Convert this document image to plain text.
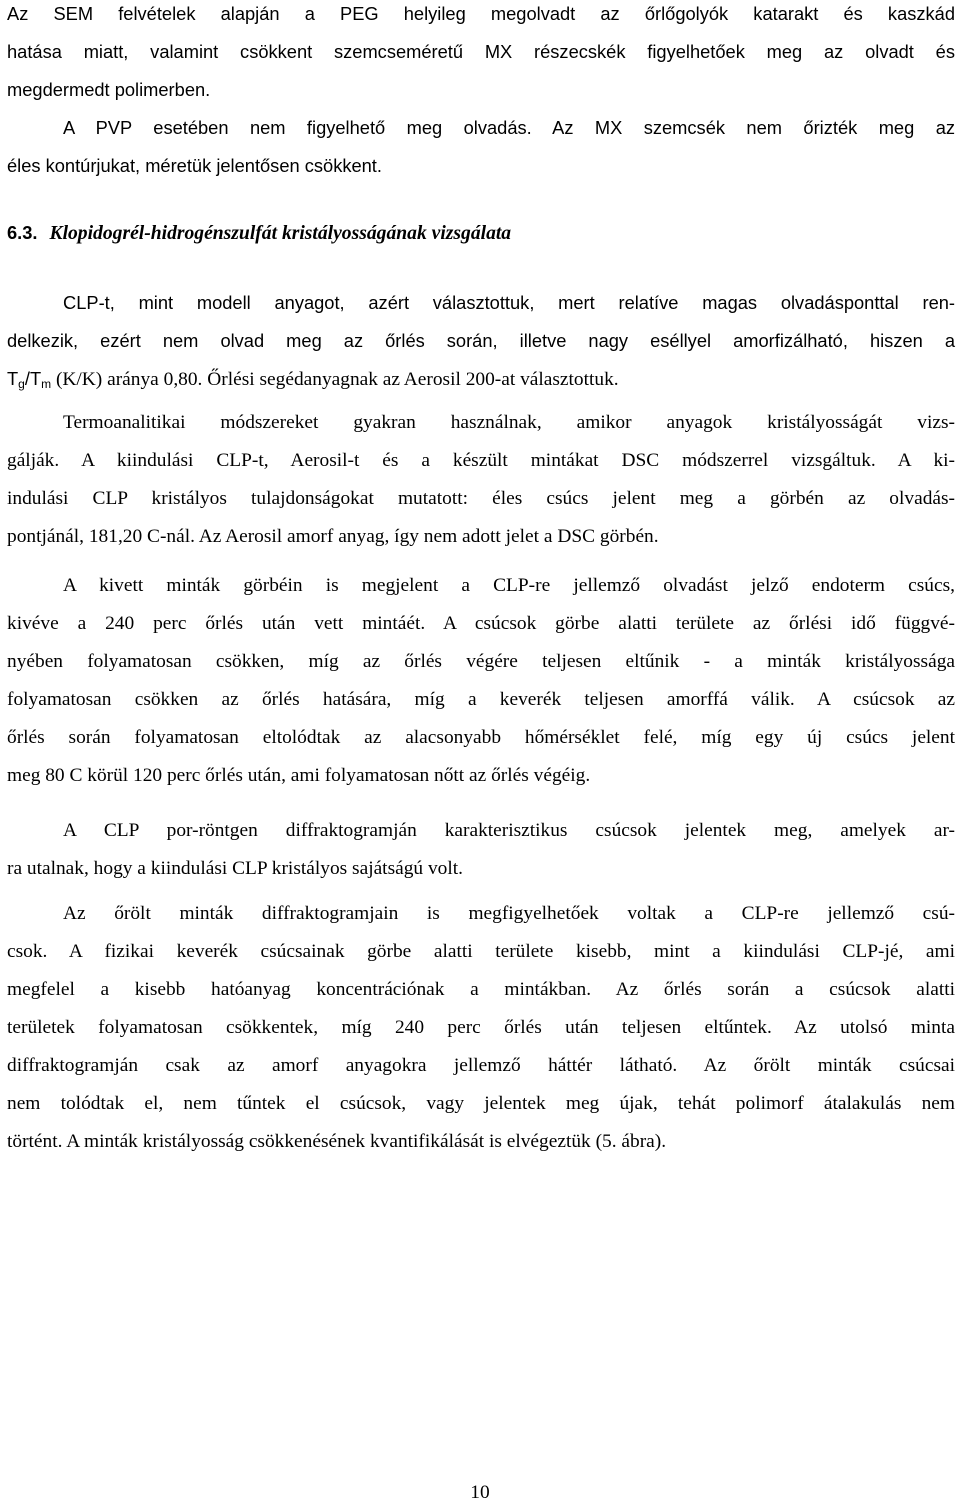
Az SEM felvételek alapján a PEG helyileg megolvadt az őrlőgolyók katarakt és kaszkád
hatása miatt, valamint csökkent szemcseméretű MX részecskék figyelhetőek meg az olvadt és
megdermedt polimerben.
A PVP esetében nem figyelhető meg olvadás. Az MX szemcsék nem őrizték meg az
éles kontúrjukat, méretük jelentősen csökkent.
6.3. Klopidogrél-hidrogénszulfát kristályosságának vizsgálata
CLP-t, mint modell anyagot, azért választottuk, mert relatíve magas olvadásponttal ren-
delkezik, ezért nem olvad meg az őrlés során, illetve nagy eséllyel amorfizálható, hiszen a
Tg/Tm (K/K) aránya 0,80. Őrlési segédanyagnak az Aerosil 200-at választottuk.
Termoanalitikai módszereket gyakran használnak, amikor anyagok kristályosságát vizs-
gálják. A kiindulási CLP-t, Aerosil-t és a készült mintákat DSC módszerrel vizsgáltuk. A ki-
indulási CLP kristályos tulajdonságokat mutatott: éles csúcs jelent meg a görbén az olvadás-
pontjánál, 181,20 C-nál. Az Aerosil amorf anyag, így nem adott jelet a DSC görbén.
A kivett minták görbéin is megjelent a CLP-re jellemző olvadást jelző endoterm csúcs,
kivéve a 240 perc őrlés után vett mintáét. A csúcsok görbe alatti területe az őrlési idő függvé-
nyében folyamatosan csökken, míg az őrlés végére teljesen eltűnik - a minták kristályossága
folyamatosan csökken az őrlés hatására, míg a keverék teljesen amorffá válik. A csúcsok az
őrlés során folyamatosan eltolódtak az alacsonyabb hőmérséklet felé, míg egy új csúcs jelent
meg 80 C körül 120 perc őrlés után, ami folyamatosan nőtt az őrlés végéig.
A CLP por-röntgen diffraktogramján karakterisztikus csúcsok jelentek meg, amelyek ar-
ra utalnak, hogy a kiindulási CLP kristályos sajátságú volt.
Az őrölt minták diffraktogramjain is megfigyelhetőek voltak a CLP-re jellemző csú-
csok. A fizikai keverék csúcsainak görbe alatti területe kisebb, mint a kiindulási CLP-jé, ami
megfelel a kisebb hatóanyag koncentrációnak a mintákban. Az őrlés során a csúcsok alatti
területek folyamatosan csökkentek, míg 240 perc őrlés után teljesen eltűntek. Az utolsó minta
diffraktogramján csak az amorf anyagokra jellemző háttér látható. Az őrölt minták csúcsai
nem tolódtak el, nem tűntek el csúcsok, vagy jelentek meg újak, tehát polimorf átalakulás nem
történt. A minták kristályosság csökkenésének kvantifikálását is elvégeztük (5. ábra).
10
